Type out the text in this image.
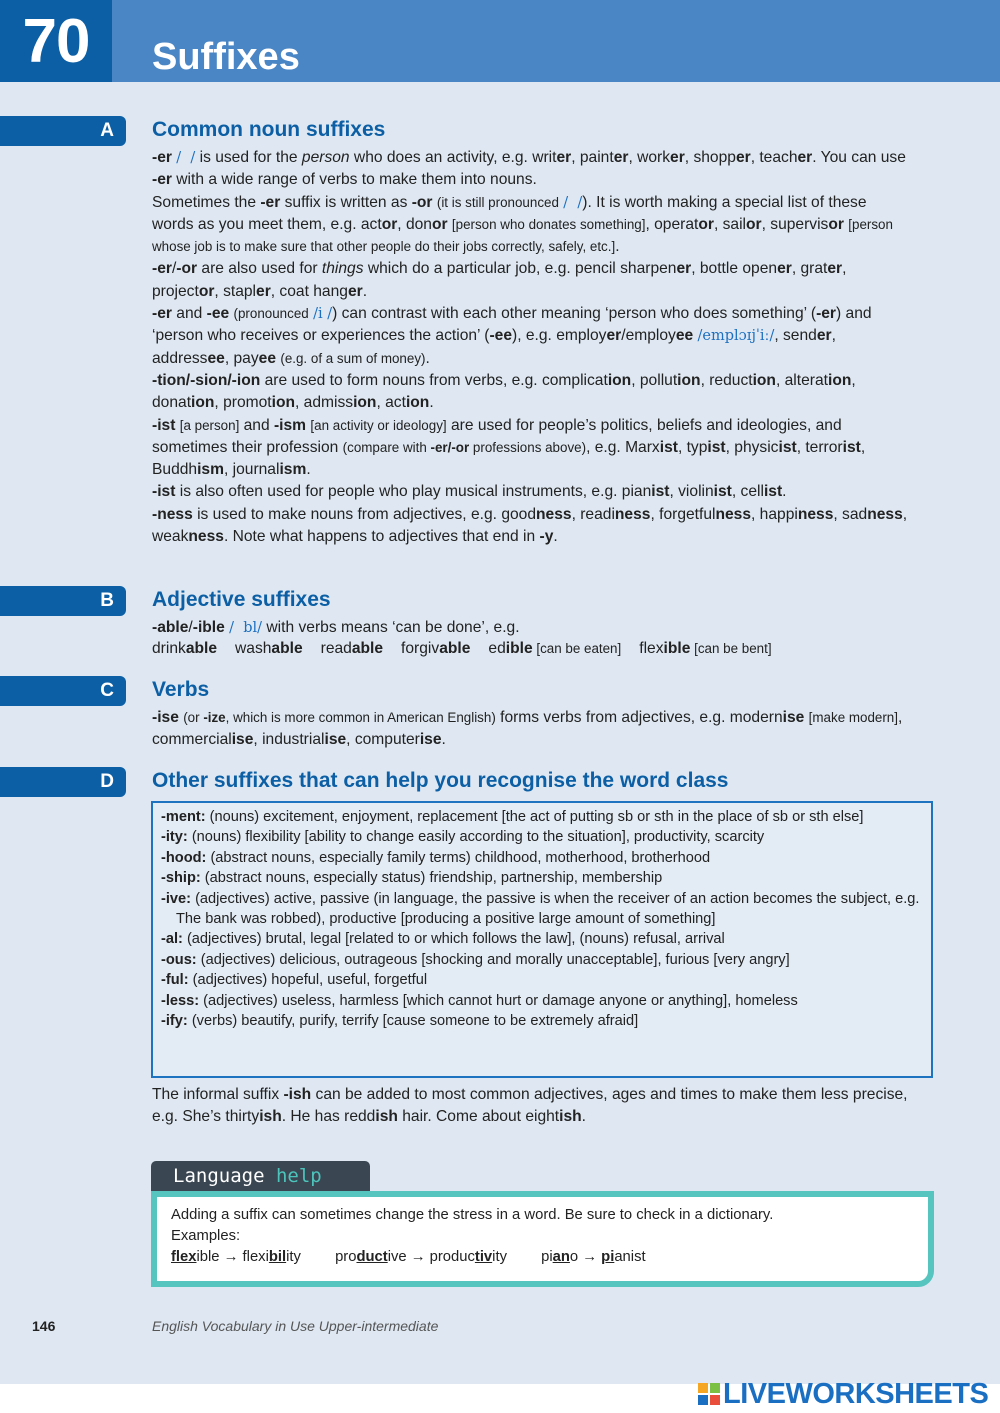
70	Suffixes
A	Common noun suffixes

-er /  / is used for the person who does an activity, e.g. writer, painter, worker, shopper, teacher. You can use -er with a wide range of verbs to make them into nouns.

Sometimes the -er suffix is written as -or (it is still pronounced /  /). It is worth making a special list of these words as you meet them, e.g. actor, donor [person who donates something], operator, sailor, supervisor [person whose job is to make sure that other people do their jobs correctly, safely, etc.].

-er/-or are also used for things which do a particular job, e.g. pencil sharpener, bottle opener, grater, projector, stapler, coat hanger.

-er and -ee (pronounced /i /) can contrast with each other meaning ‘person who does something’ (-er) and ‘person who receives or experiences the action’ (-ee), e.g. employer/employee /emplɔɪjˈiː/, sender, addressee, payee (e.g. of a sum of money).

-tion/-sion/-ion are used to form nouns from verbs, e.g. complication, pollution, reduction, alteration, donation, promotion, admission, action.

-ist [a person] and -ism [an activity or ideology] are used for people’s politics, beliefs and ideologies, and sometimes their profession (compare with -er/-or professions above), e.g. Marxist, typist, physicist, terrorist, Buddhism, journalism.

-ist is also often used for people who play musical instruments, e.g. pianist, violinist, cellist.

-ness is used to make nouns from adjectives, e.g. goodness, readiness, forgetfulness, happiness, sadness, weakness. Note what happens to adjectives that end in -y.

B	Adjective suffixes

-able/-ible /  bl/ with verbs means ‘can be done’, e.g.

drinkable washable readable forgivable edible [can be eaten] flexible [can be bent]
C	Verbs

-ise (or -ize, which is more common in American English) forms verbs from adjectives, e.g. modernise [make modern], commercialise, industrialise, computerise.

D	Other suffixes that can help you recognise the word class

-ment: (nouns) excitement, enjoyment, replacement [the act of putting sb or sth in the place of sb or sth else]

-ity: (nouns) flexibility [ability to change easily according to the situation], productivity, scarcity

-hood: (abstract nouns, especially family terms) childhood, motherhood, brotherhood

-ship: (abstract nouns, especially status) friendship, partnership, membership

-ive: (adjectives) active, passive (in language, the passive is when the receiver of an action becomes the subject, e.g. The bank was robbed), productive [producing a positive large amount of something]

-al: (adjectives) brutal, legal [related to or which follows the law], (nouns) refusal, arrival

-ous: (adjectives) delicious, outrageous [shocking and morally unacceptable], furious [very angry]

-ful: (adjectives) hopeful, useful, forgetful

-less: (adjectives) useless, harmless [which cannot hurt or damage anyone or anything], homeless

-ify: (verbs) beautify, purify, terrify [cause someone to be extremely afraid]

The informal suffix -ish can be added to most common adjectives, ages and times to make them less precise, e.g. She’s thirtyish. He has reddish hair. Come about eightish.
Language help
Adding a suffix can sometimes change the stress in a word. Be sure to check in a dictionary.
Examples:
flexible → flexibility productive → productivity piano → pianist
146	English Vocabulary in Use Upper-intermediate
LIVEWORKSHEETS
